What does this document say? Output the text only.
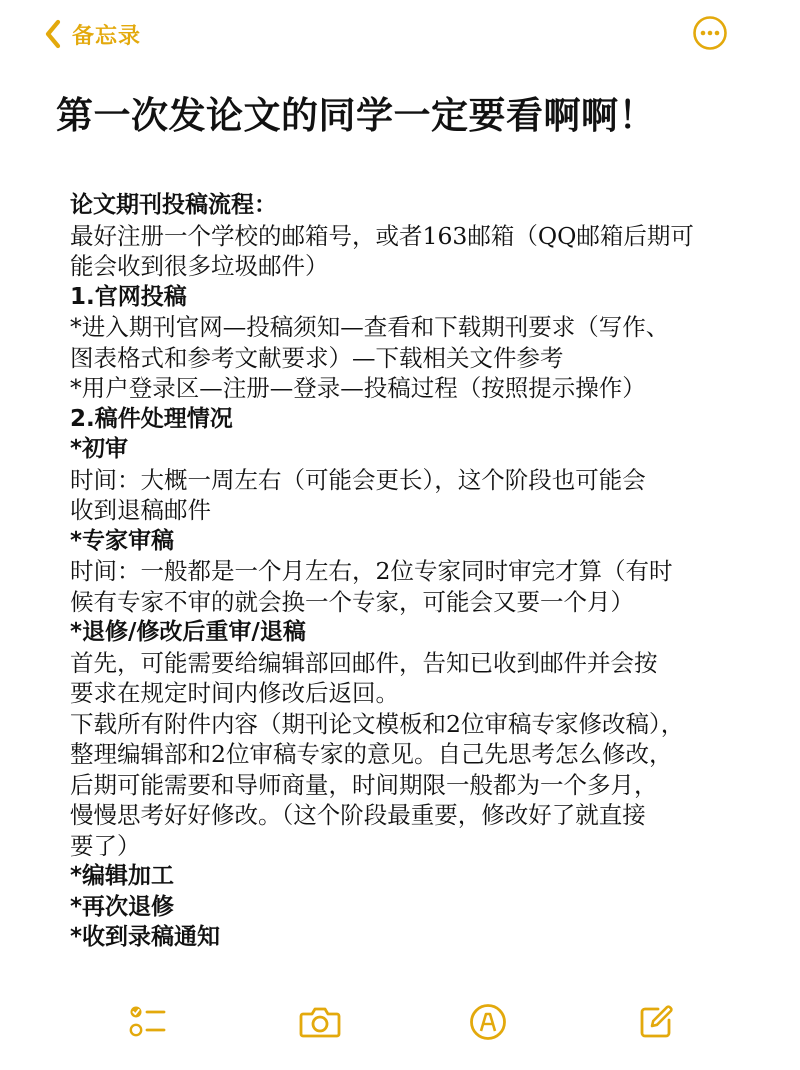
备忘录
第一次发论文的同学一定要看啊啊！
论文期刊投稿流程：
最好注册一个学校的邮箱号，或者163邮箱（QQ邮箱后期可
能会收到很多垃圾邮件）
1.官网投稿
*进入期刊官网—投稿须知—查看和下载期刊要求（写作、
图表格式和参考文献要求）—下载相关文件参考
*用户登录区—注册—登录—投稿过程（按照提示操作）
2.稿件处理情况
*初审
时间：大概一周左右（可能会更长），这个阶段也可能会
收到退稿邮件
*专家审稿
时间：一般都是一个月左右，2位专家同时审完才算（有时
候有专家不审的就会换一个专家，可能会又要一个月）
*退修/修改后重审/退稿
首先，可能需要给编辑部回邮件，告知已收到邮件并会按
要求在规定时间内修改后返回。
下载所有附件内容（期刊论文模板和2位审稿专家修改稿），
整理编辑部和2位审稿专家的意见。自己先思考怎么修改，
后期可能需要和导师商量，时间期限一般都为一个多月，
慢慢思考好好修改。（这个阶段最重要，修改好了就直接
要了）
*编辑加工
*再次退修
*收到录稿通知
